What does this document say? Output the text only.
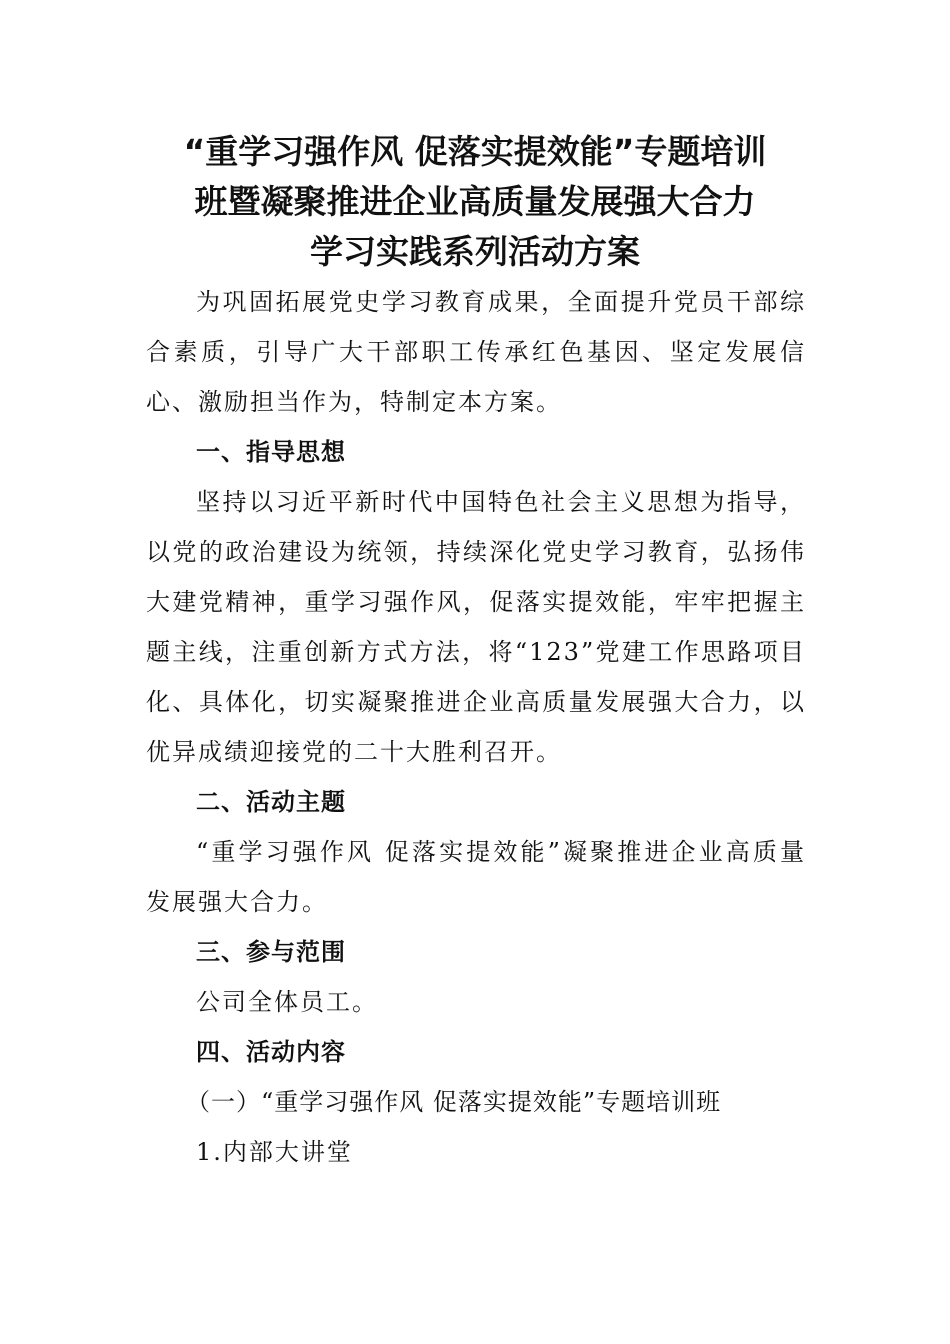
“重学习强作风 促落实提效能”专题培训
班暨凝聚推进企业高质量发展强大合力
学习实践系列活动方案

为巩固拓展党史学习教育成果，全面提升党员干部综合素质，引导广大干部职工传承红色基因、坚定发展信心、激励担当作为，特制定本方案。

一、指导思想

坚持以习近平新时代中国特色社会主义思想为指导，以党的政治建设为统领，持续深化党史学习教育，弘扬伟大建党精神，重学习强作风，促落实提效能，牢牢把握主题主线，注重创新方式方法，将“123”党建工作思路项目化、具体化，切实凝聚推进企业高质量发展强大合力，以优异成绩迎接党的二十大胜利召开。

二、活动主题

“重学习强作风 促落实提效能”凝聚推进企业高质量发展强大合力。

三、参与范围

公司全体员工。

四、活动内容

（一）“重学习强作风 促落实提效能”专题培训班

1.内部大讲堂
